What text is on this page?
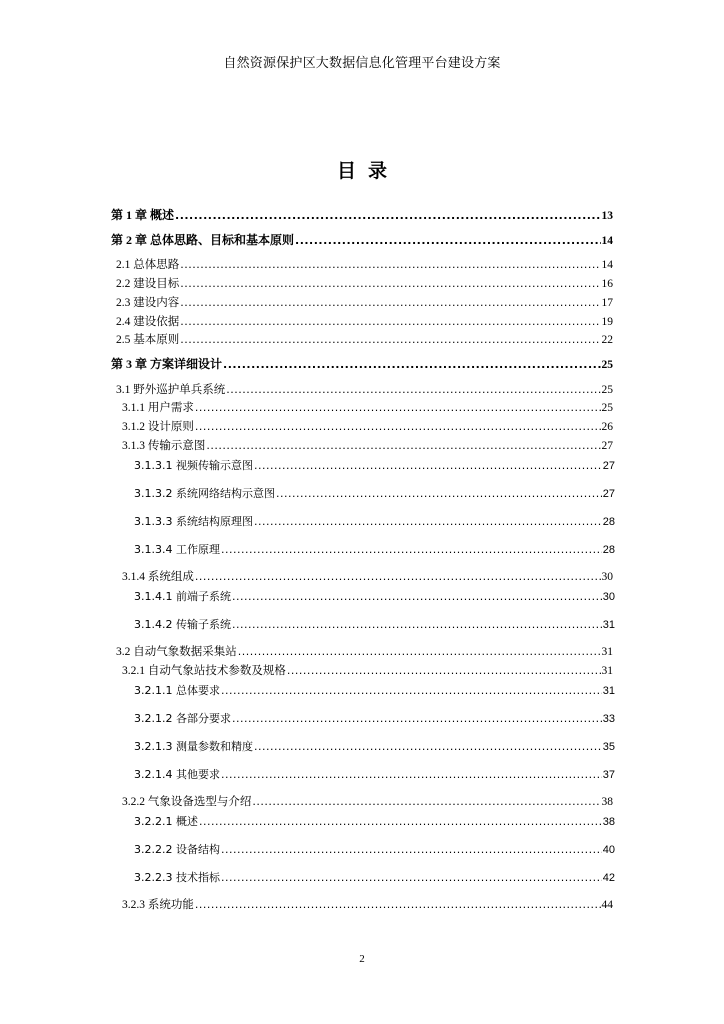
自然资源保护区大数据信息化管理平台建设方案
目录
第 1 章 概述 .....	13
第 2 章 总体思路、目标和基本原则 .....	14
2.1 总体思路 .....	14
2.2 建设目标 .....	16
2.3 建设内容 .....	17
2.4 建设依据 .....	19
2.5 基本原则 .....	22
第 3 章 方案详细设计 .....	25
3.1 野外巡护单兵系统 .....	25
3.1.1 用户需求 .....	25
3.1.2 设计原则 .....	26
3.1.3 传输示意图 .....	27
3.1.3.1 视频传输示意图 .....	27
3.1.3.2 系统网络结构示意图 .....	27
3.1.3.3 系统结构原理图 .....	28
3.1.3.4 工作原理 .....	28
3.1.4 系统组成 .....	30
3.1.4.1 前端子系统 .....	30
3.1.4.2 传输子系统 .....	31
3.2 自动气象数据采集站 .....	31
3.2.1 自动气象站技术参数及规格 .....	31
3.2.1.1 总体要求 .....	31
3.2.1.2 各部分要求 .....	33
3.2.1.3 测量参数和精度 .....	35
3.2.1.4 其他要求 .....	37
3.2.2 气象设备选型与介绍 .....	38
3.2.2.1 概述 .....	38
3.2.2.2 设备结构 .....	40
3.2.2.3 技术指标 .....	42
3.2.3 系统功能 .....	44
2
